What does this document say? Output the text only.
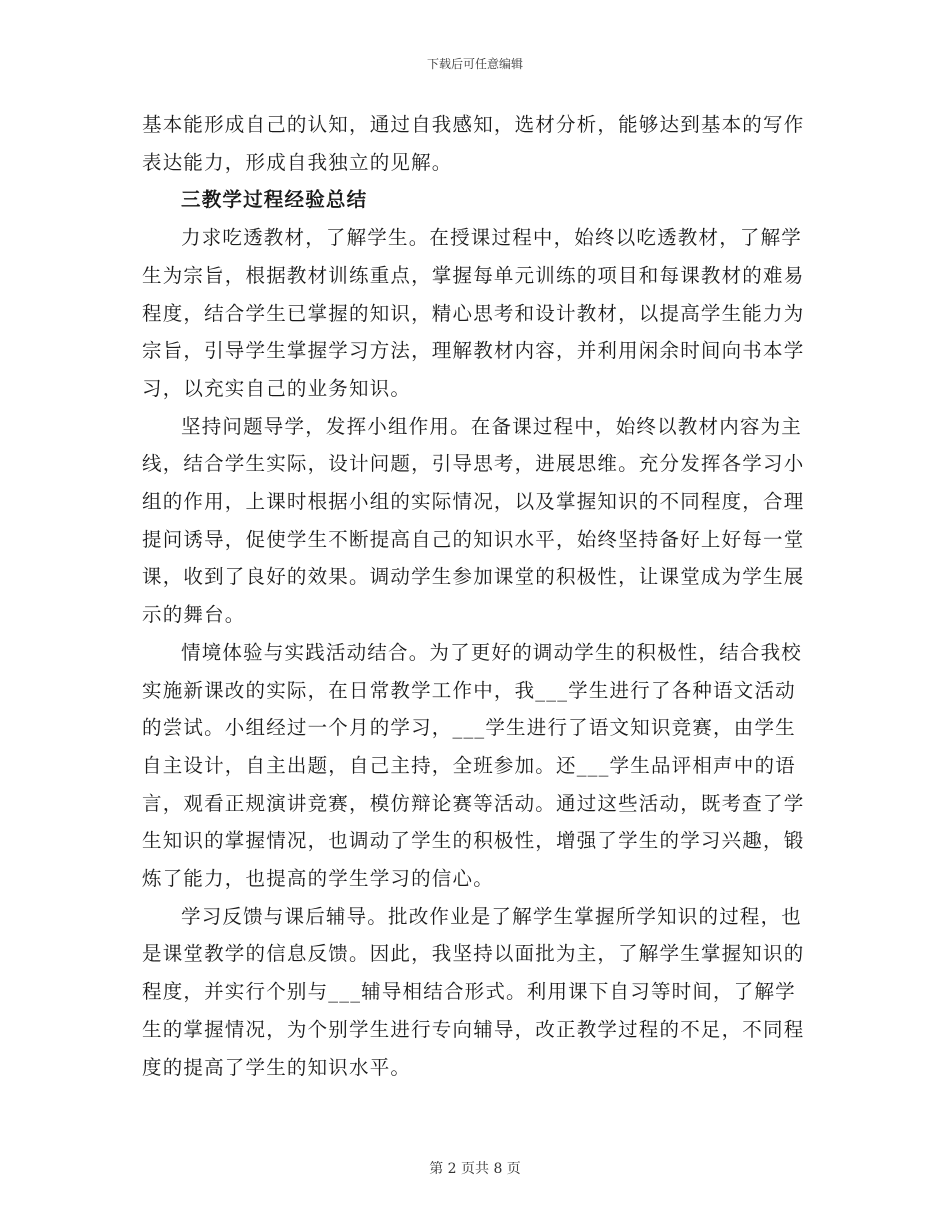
下载后可任意编辑

基本能形成自己的认知，通过自我感知，选材分析，能够达到基本的写作表达能力，形成自我独立的见解。

三教学过程经验总结

力求吃透教材，了解学生。在授课过程中，始终以吃透教材，了解学生为宗旨，根据教材训练重点，掌握每单元训练的项目和每课教材的难易程度，结合学生已掌握的知识，精心思考和设计教材，以提高学生能力为宗旨，引导学生掌握学习方法，理解教材内容，并利用闲余时间向书本学习，以充实自己的业务知识。

坚持问题导学，发挥小组作用。在备课过程中，始终以教材内容为主线，结合学生实际，设计问题，引导思考，进展思维。充分发挥各学习小组的作用，上课时根据小组的实际情况，以及掌握知识的不同程度，合理提问诱导，促使学生不断提高自己的知识水平，始终坚持备好上好每一堂课，收到了良好的效果。调动学生参加课堂的积极性，让课堂成为学生展示的舞台。

情境体验与实践活动结合。为了更好的调动学生的积极性，结合我校实施新课改的实际，在日常教学工作中，我___学生进行了各种语文活动的尝试。小组经过一个月的学习，___学生进行了语文知识竞赛，由学生自主设计，自主出题，自己主持，全班参加。还___学生品评相声中的语言，观看正规演讲竞赛，模仿辩论赛等活动。通过这些活动，既考查了学生知识的掌握情况，也调动了学生的积极性，增强了学生的学习兴趣，锻炼了能力，也提高的学生学习的信心。

学习反馈与课后辅导。批改作业是了解学生掌握所学知识的过程，也是课堂教学的信息反馈。因此，我坚持以面批为主，了解学生掌握知识的程度，并实行个别与___辅导相结合形式。利用课下自习等时间，了解学生的掌握情况，为个别学生进行专向辅导，改正教学过程的不足，不同程度的提高了学生的知识水平。

第 2 页共 8 页
